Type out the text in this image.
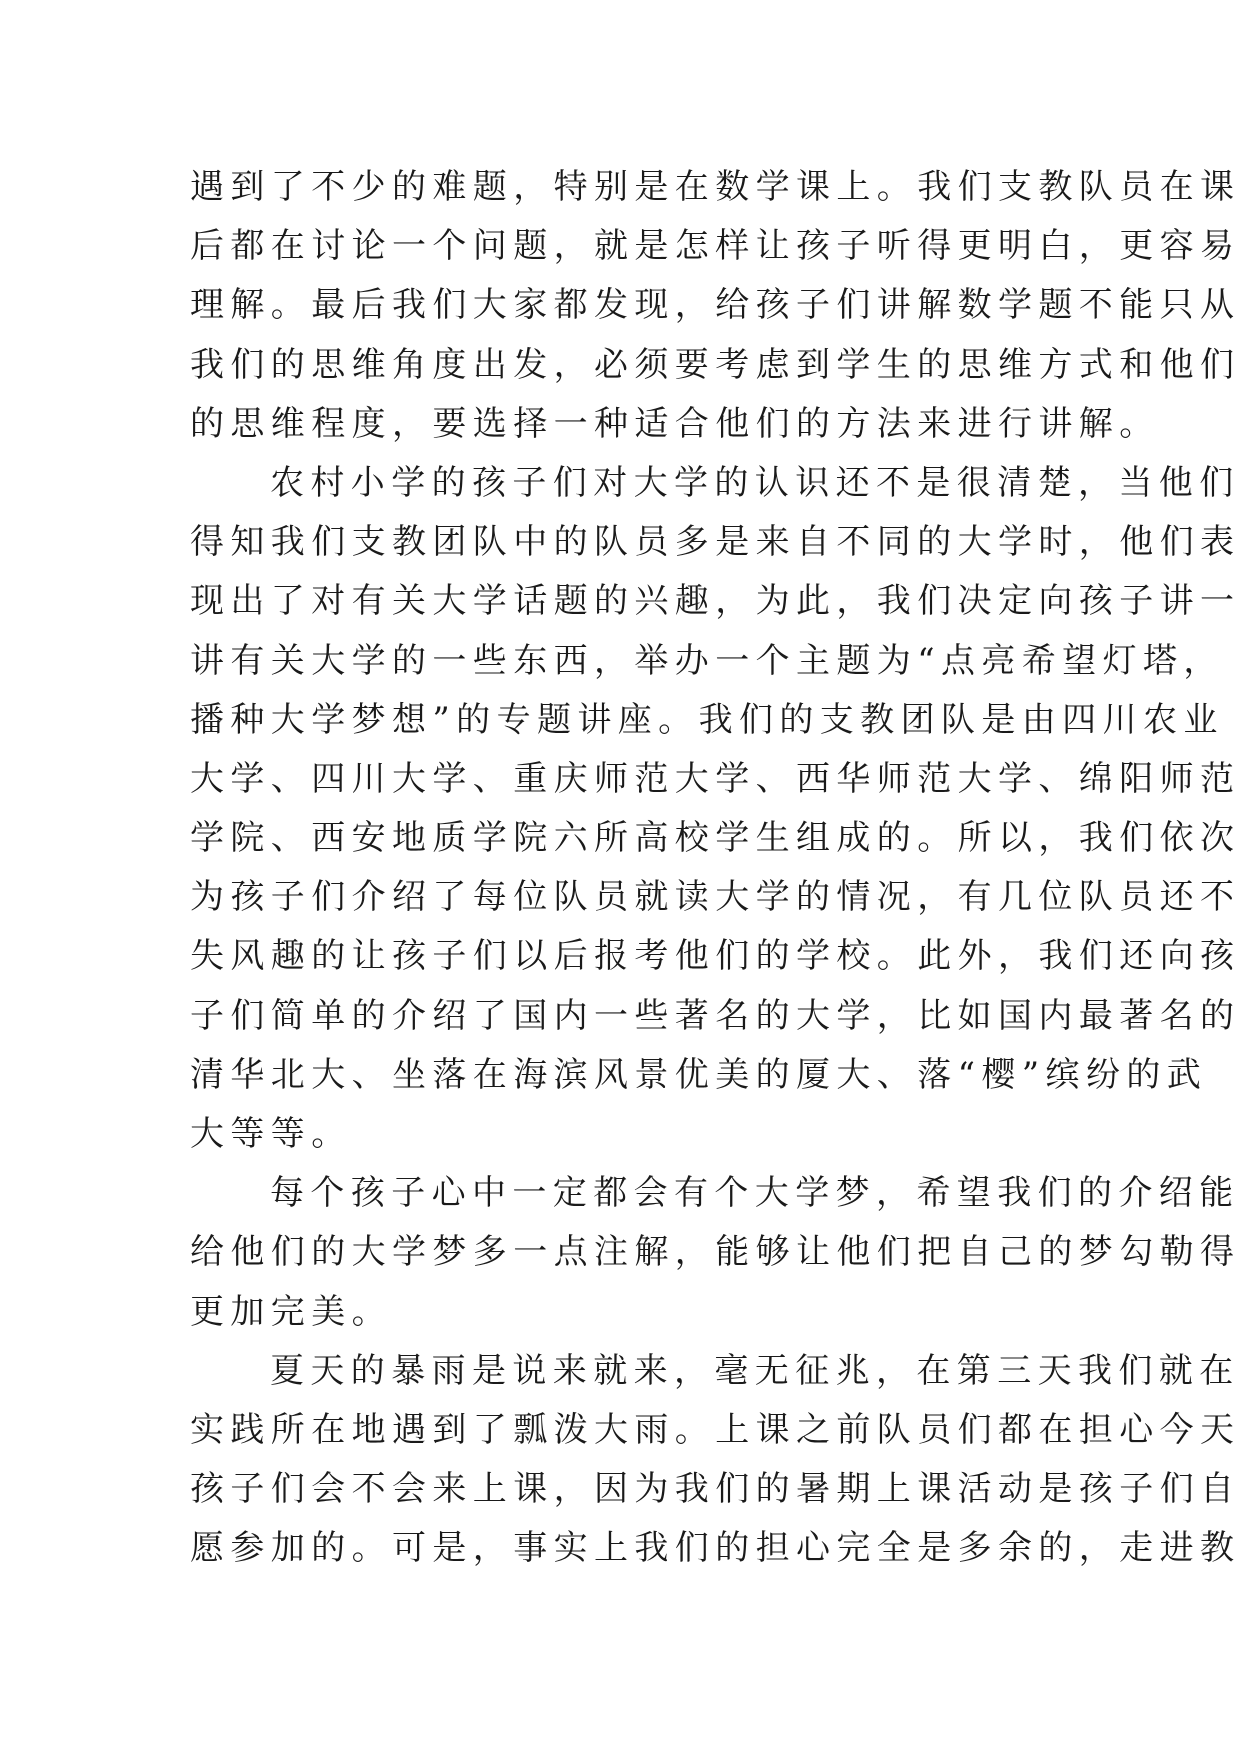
遇到了不少的难题，特别是在数学课上。我们支教队员在课
后都在讨论一个问题，就是怎样让孩子听得更明白，更容易
理解。最后我们大家都发现，给孩子们讲解数学题不能只从
我们的思维角度出发，必须要考虑到学生的思维方式和他们
的思维程度，要选择一种适合他们的方法来进行讲解。
农村小学的孩子们对大学的认识还不是很清楚，当他们
得知我们支教团队中的队员多是来自不同的大学时，他们表
现出了对有关大学话题的兴趣，为此，我们决定向孩子讲一
讲有关大学的一些东西，举办一个主题为“点亮希望灯塔，
播种大学梦想”的专题讲座。我们的支教团队是由四川农业
大学、四川大学、重庆师范大学、西华师范大学、绵阳师范
学院、西安地质学院六所高校学生组成的。所以，我们依次
为孩子们介绍了每位队员就读大学的情况，有几位队员还不
失风趣的让孩子们以后报考他们的学校。此外，我们还向孩
子们简单的介绍了国内一些著名的大学，比如国内最著名的
清华北大、坐落在海滨风景优美的厦大、落“樱”缤纷的武
大等等。
每个孩子心中一定都会有个大学梦，希望我们的介绍能
给他们的大学梦多一点注解，能够让他们把自己的梦勾勒得
更加完美。
夏天的暴雨是说来就来，毫无征兆，在第三天我们就在
实践所在地遇到了瓢泼大雨。上课之前队员们都在担心今天
孩子们会不会来上课，因为我们的暑期上课活动是孩子们自
愿参加的。可是，事实上我们的担心完全是多余的，走进教
